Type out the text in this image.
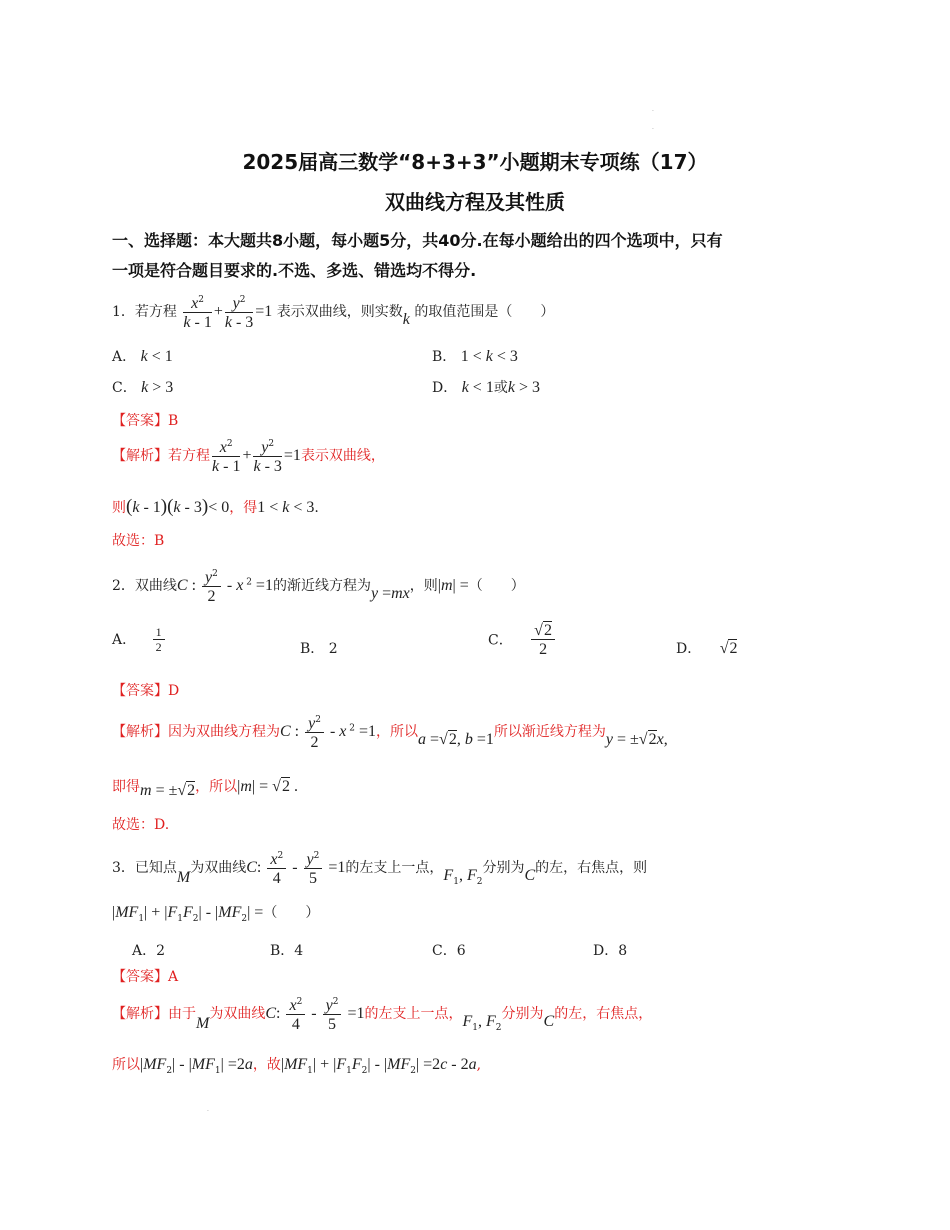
·
·
·
2025届高三数学“8+3+3”小题期末专项练（17）
双曲线方程及其性质
一、选择题：本大题共8小题，每小题5分，共40分.在每小题给出的四个选项中，只有
一项是符合题目要求的.不选、多选、错选均不得分.
1．若方程 $\frac{x^2}{k - 1} + \frac{y^2}{k - 3} =1$ 表示双曲线，则实数k 的取值范围是（　　）
A． k < 1	B． 1 < k < 3
C． k > 3	D． k < 1或k > 3
【答案】B
【解析】若方程 $\frac{x^2}{k - 1} + \frac{y^2}{k - 3} =1$表示双曲线，
则(k - 1)(k - 3)< 0，得1 < k < 3.
故选：B
2．双曲线C : $\frac{y^2}{2}$ - x $^2$ =1的渐近线方程为y =mx，则|m| =（　　）
A． $\frac{1}{2}$	B． 2
C． $\frac{√2}{2}$	D． √2
【答案】D
【解析】因为双曲线方程为C : $\frac{y^2}{2}$ - x $^2$ =1，所以a =√2, b =1所以渐近线方程为y = ±√2x,
即得m = ±√2，所以|m| = √2 .
故选：D.
3．已知点M为双曲线C: $\frac{x^2}{4} - \frac{y^2}{5} =1$的左支上一点，$F_1$, $F_2$分别为C的左，右焦点，则
$|MF_1| + |F_1F_2| - |MF_2|$ =（　　）
A．2	B．4	C．6	D．8
【答案】A
【解析】由于M为双曲线C: $\frac{x^2}{4} - \frac{y^2}{5} =1$的左支上一点，$F_1$, $F_2$分别为C的左，右焦点，
所以$|MF_2| - |MF_1| =2a$，故$|MF_1| + |F_1F_2| - |MF_2| =2c - 2a$,
